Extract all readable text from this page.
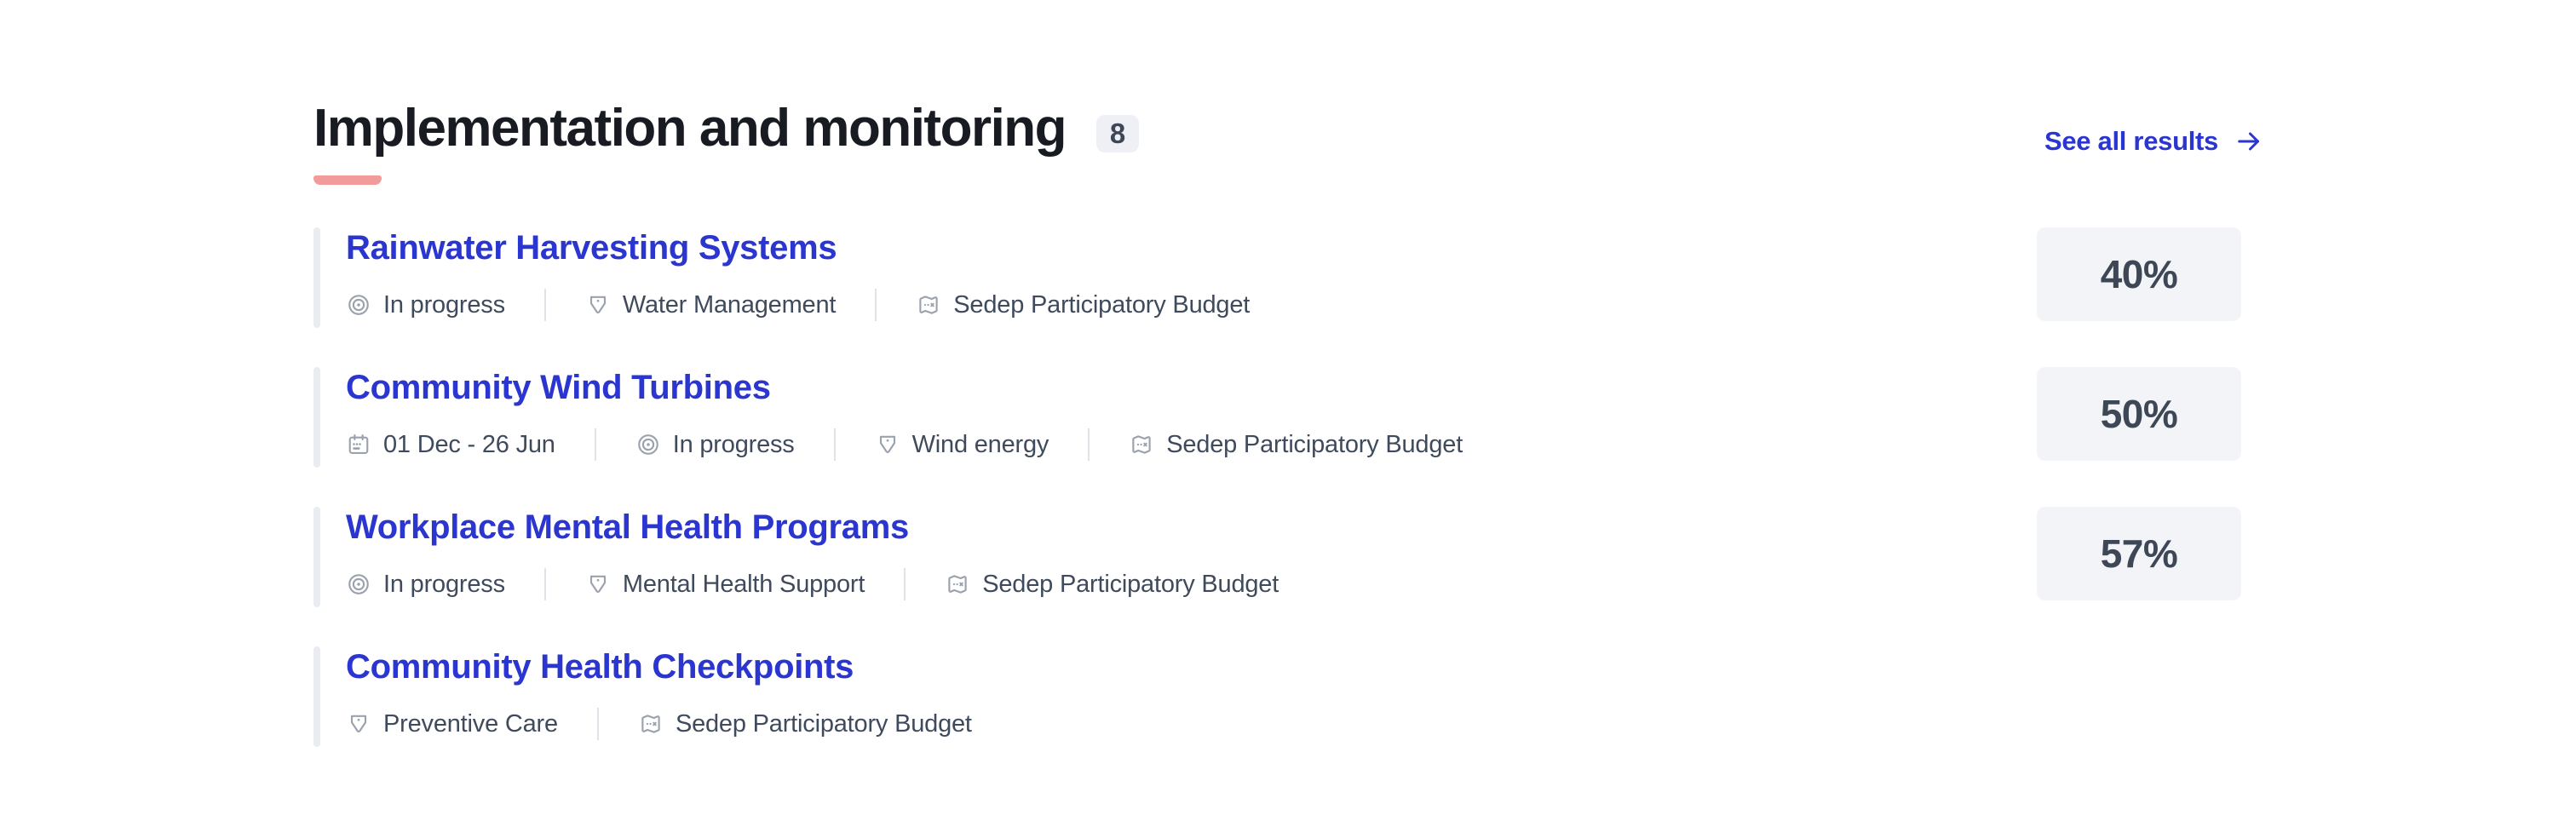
Implementation and monitoring	8	See all results
Rainwater Harvesting Systems
In progress	Water Management	Sedep Participatory Budget
40%
Community Wind Turbines
01 Dec - 26 Jun	In progress	Wind energy	Sedep Participatory Budget
50%
Workplace Mental Health Programs
In progress	Mental Health Support	Sedep Participatory Budget
57%
Community Health Checkpoints
Preventive Care	Sedep Participatory Budget
